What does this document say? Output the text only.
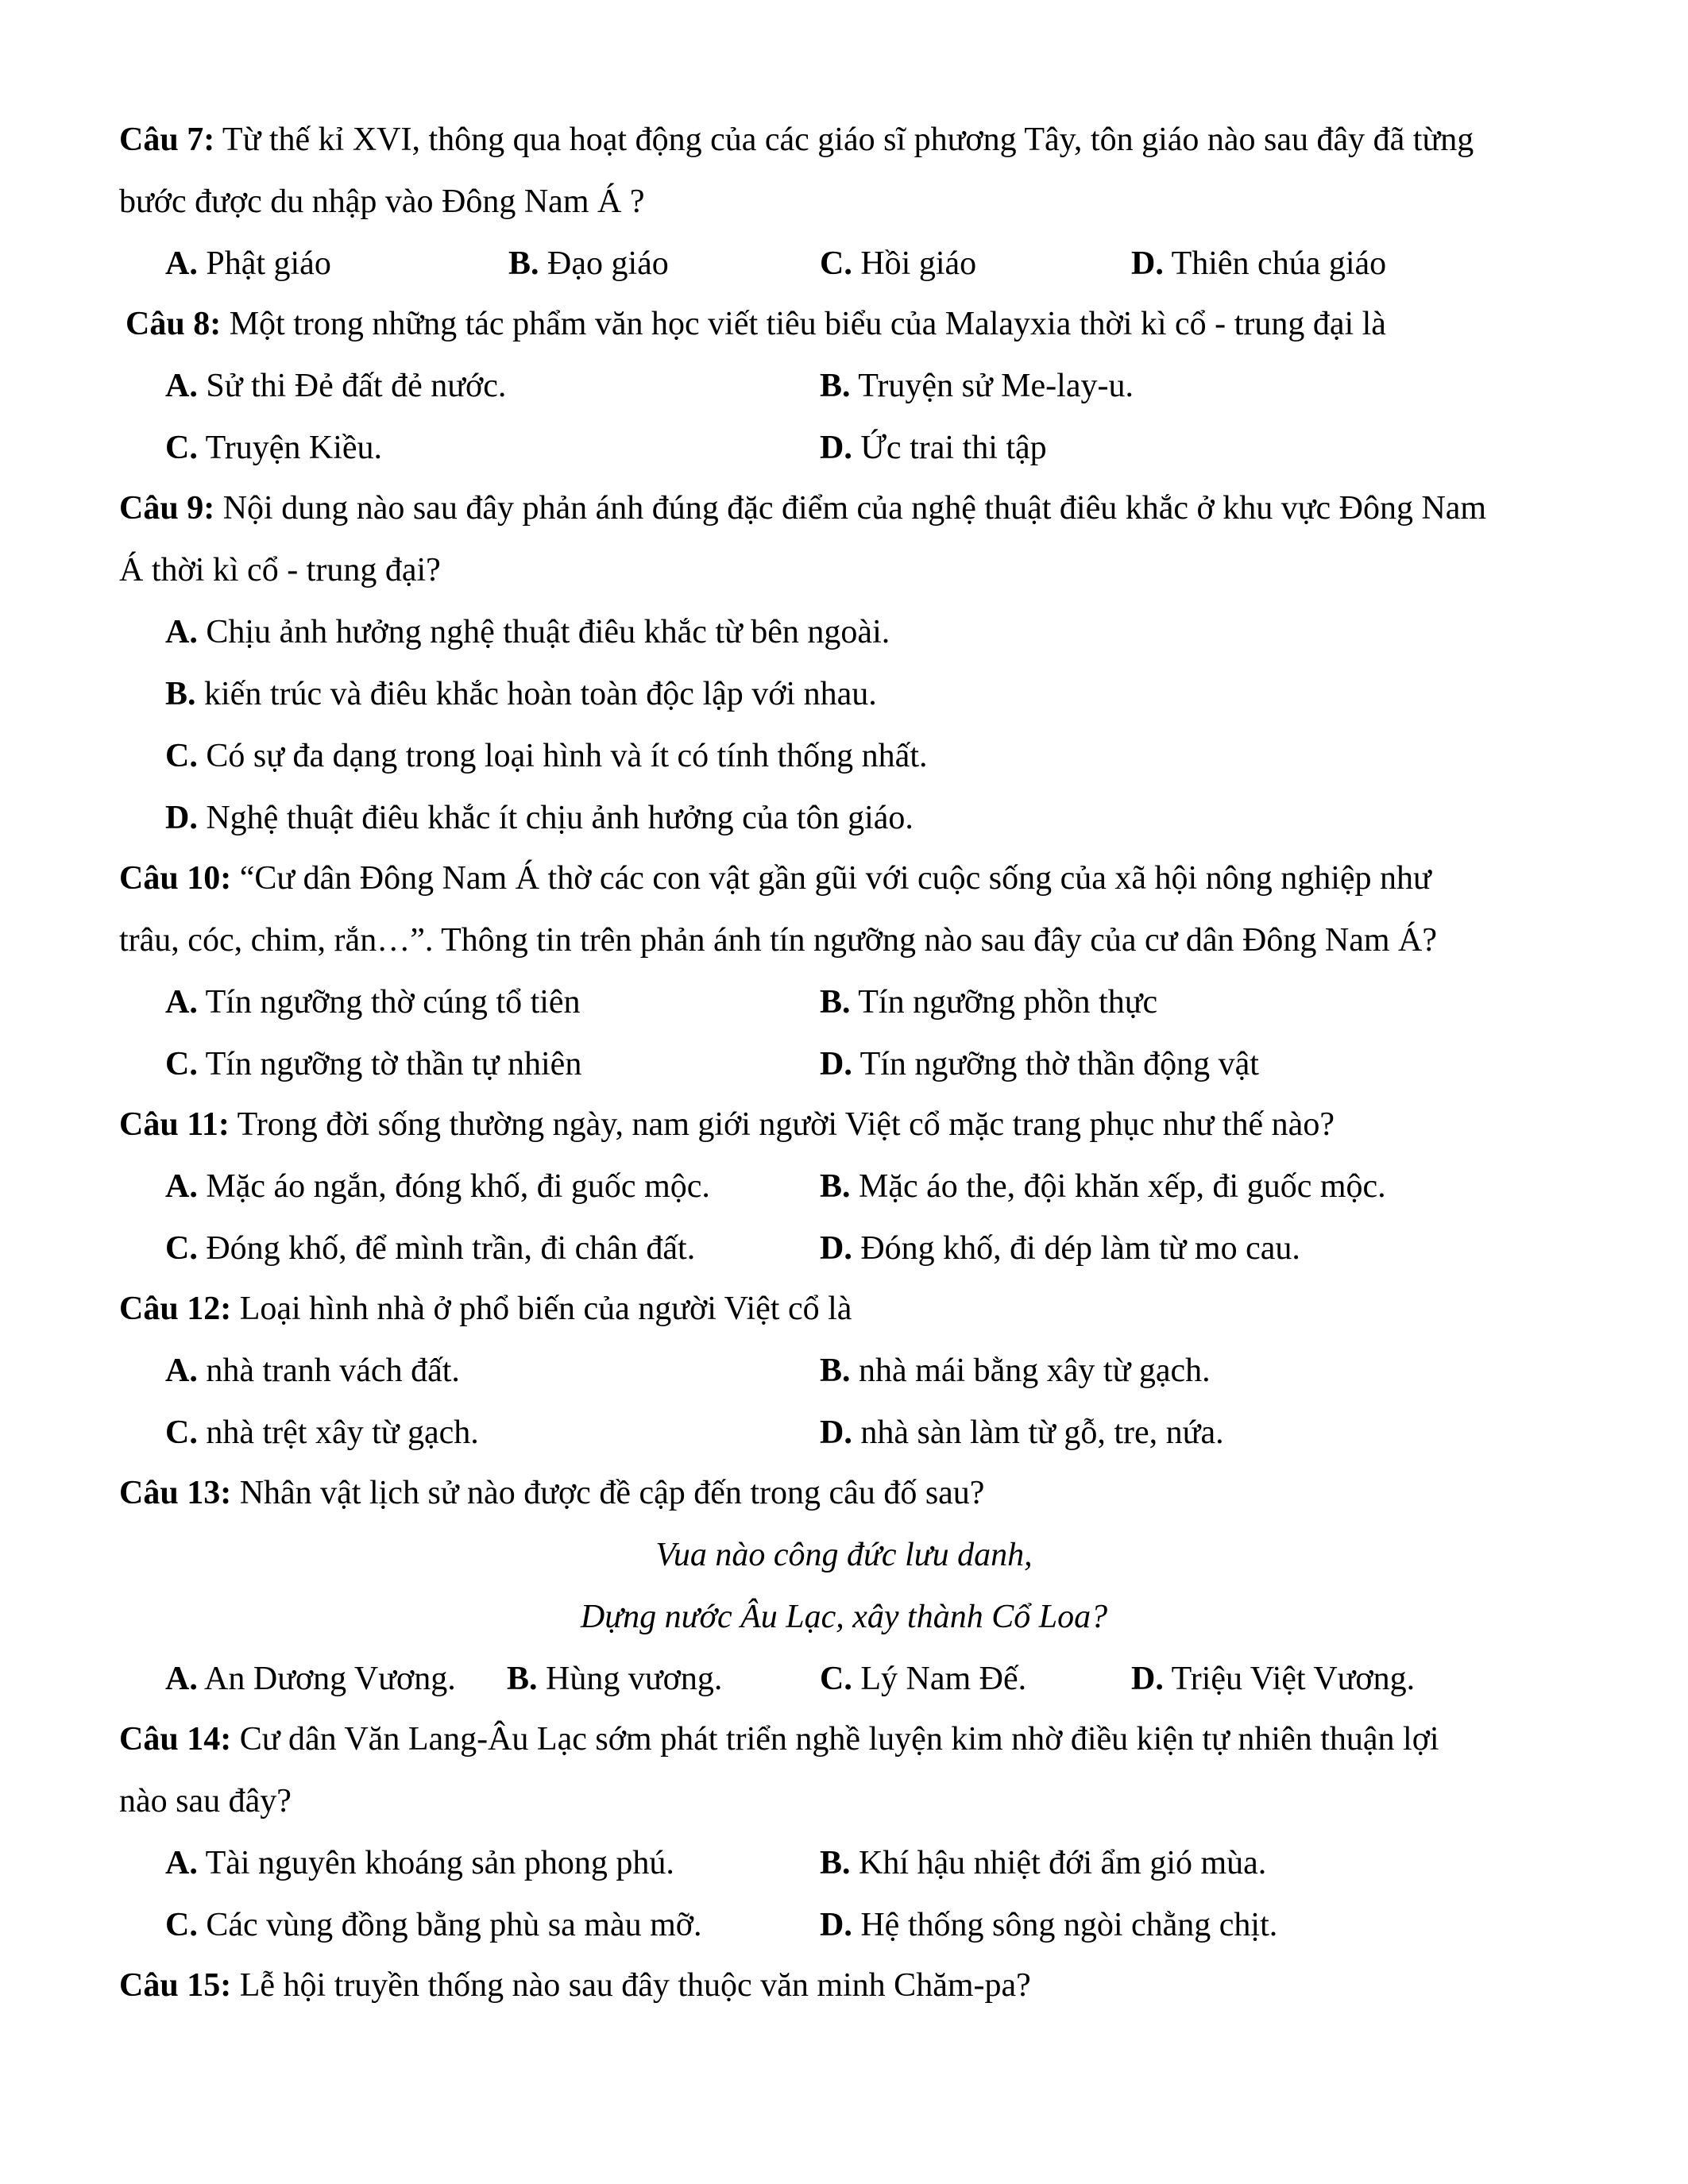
Câu 7: Từ thế kỉ XVI, thông qua hoạt động của các giáo sĩ phương Tây, tôn giáo nào sau đây đã từng
bước được du nhập vào Đông Nam Á ?
A. Phật giáo	B. Đạo giáo	C. Hồi giáo	D. Thiên chúa giáo
Câu 8: Một trong những tác phẩm văn học viết tiêu biểu của Malayxia thời kì cổ - trung đại là
A. Sử thi Đẻ đất đẻ nước.	B. Truyện sử Me-lay-u.
C. Truyện Kiều.	D. Ức trai thi tập
Câu 9: Nội dung nào sau đây phản ánh đúng đặc điểm của nghệ thuật điêu khắc ở khu vực Đông Nam
Á thời kì cổ - trung đại?
A. Chịu ảnh hưởng nghệ thuật điêu khắc từ bên ngoài.
B. kiến trúc và điêu khắc hoàn toàn độc lập với nhau.
C. Có sự đa dạng trong loại hình và ít có tính thống nhất.
D. Nghệ thuật điêu khắc ít chịu ảnh hưởng của tôn giáo.
Câu 10: “Cư dân Đông Nam Á thờ các con vật gần gũi với cuộc sống của xã hội nông nghiệp như
trâu, cóc, chim, rắn…”. Thông tin trên phản ánh tín ngưỡng nào sau đây của cư dân Đông Nam Á?
A. Tín ngưỡng thờ cúng tổ tiên	B. Tín ngưỡng phồn thực
C. Tín ngưỡng tờ thần tự nhiên	D. Tín ngưỡng thờ thần động vật
Câu 11: Trong đời sống thường ngày, nam giới người Việt cổ mặc trang phục như thế nào?
A. Mặc áo ngắn, đóng khố, đi guốc mộc.	B. Mặc áo the, đội khăn xếp, đi guốc mộc.
C. Đóng khố, để mình trần, đi chân đất.	D. Đóng khố, đi dép làm từ mo cau.
Câu 12: Loại hình nhà ở phổ biến của người Việt cổ là
A. nhà tranh vách đất.	B. nhà mái bằng xây từ gạch.
C. nhà trệt xây từ gạch.	D. nhà sàn làm từ gỗ, tre, nứa.
Câu 13: Nhân vật lịch sử nào được đề cập đến trong câu đố sau?
Vua nào công đức lưu danh,
Dựng nước Âu Lạc, xây thành Cổ Loa?
A. An Dương Vương. B. Hùng vương.	C. Lý Nam Đế.	D. Triệu Việt Vương.
Câu 14: Cư dân Văn Lang-Âu Lạc sớm phát triển nghề luyện kim nhờ điều kiện tự nhiên thuận lợi
nào sau đây?
A. Tài nguyên khoáng sản phong phú.	B. Khí hậu nhiệt đới ẩm gió mùa.
C. Các vùng đồng bằng phù sa màu mỡ.	D. Hệ thống sông ngòi chằng chịt.
Câu 15: Lễ hội truyền thống nào sau đây thuộc văn minh Chăm-pa?
